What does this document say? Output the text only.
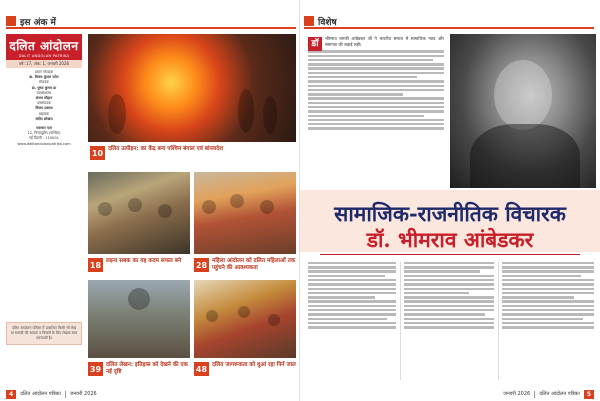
इस अंक में
दलित आंदोलन
DALIT ANDOLAN PATRIKA
वर्ष: 17, अंक: 1, जनवरी 2026
प्रधान संपादक
डा. विजय कुमार पटेल
संपादक
डा. पुष्पा कुमार डा
व्यवस्थापक
संजय चौहान
उपसंपादक
विजय प्रकाश
सहायक
संदीप शोखरा
पत्राचार पता
12, निजामुद्दीन (पश्चिम)
नई दिल्ली - 110001
www.dalitandolanpatrika.com
दलित आंदोलन पत्रिका में प्रकाशित किसी भी लेख या सामग्री की सत्यता व विचारों के लिए लेखक स्वयं उत्तरदायी हैं।
10 दलित उत्पीड़न: का केंद्र बना पश्चिम बंगाल एवं बांग्लादेश
18 लड़ना सबक का यह कदम सफल बने 28 महिला आंदोलन को दलित महिलाओं तक पहुंचने की आवश्यकता
39 दलित लेखन: इतिहास को देखने की एक नई दृष्टि	48 दलित जागरूकता को धुआं रहा पिर्न जाल
4	दलित आंदोलन पत्रिका जनवरी 2026
विशेष
डॉ
भीमराव रामजी आंबेडकर जी ने भारतीय समाज में सामाजिक न्याय और समानता की लड़ाई लड़ी।
सामाजिक-राजनीतिक विचारक
डॉ. भीमराव आंबेडकर
जनवरी 2026 दलित आंदोलन पत्रिका	5
